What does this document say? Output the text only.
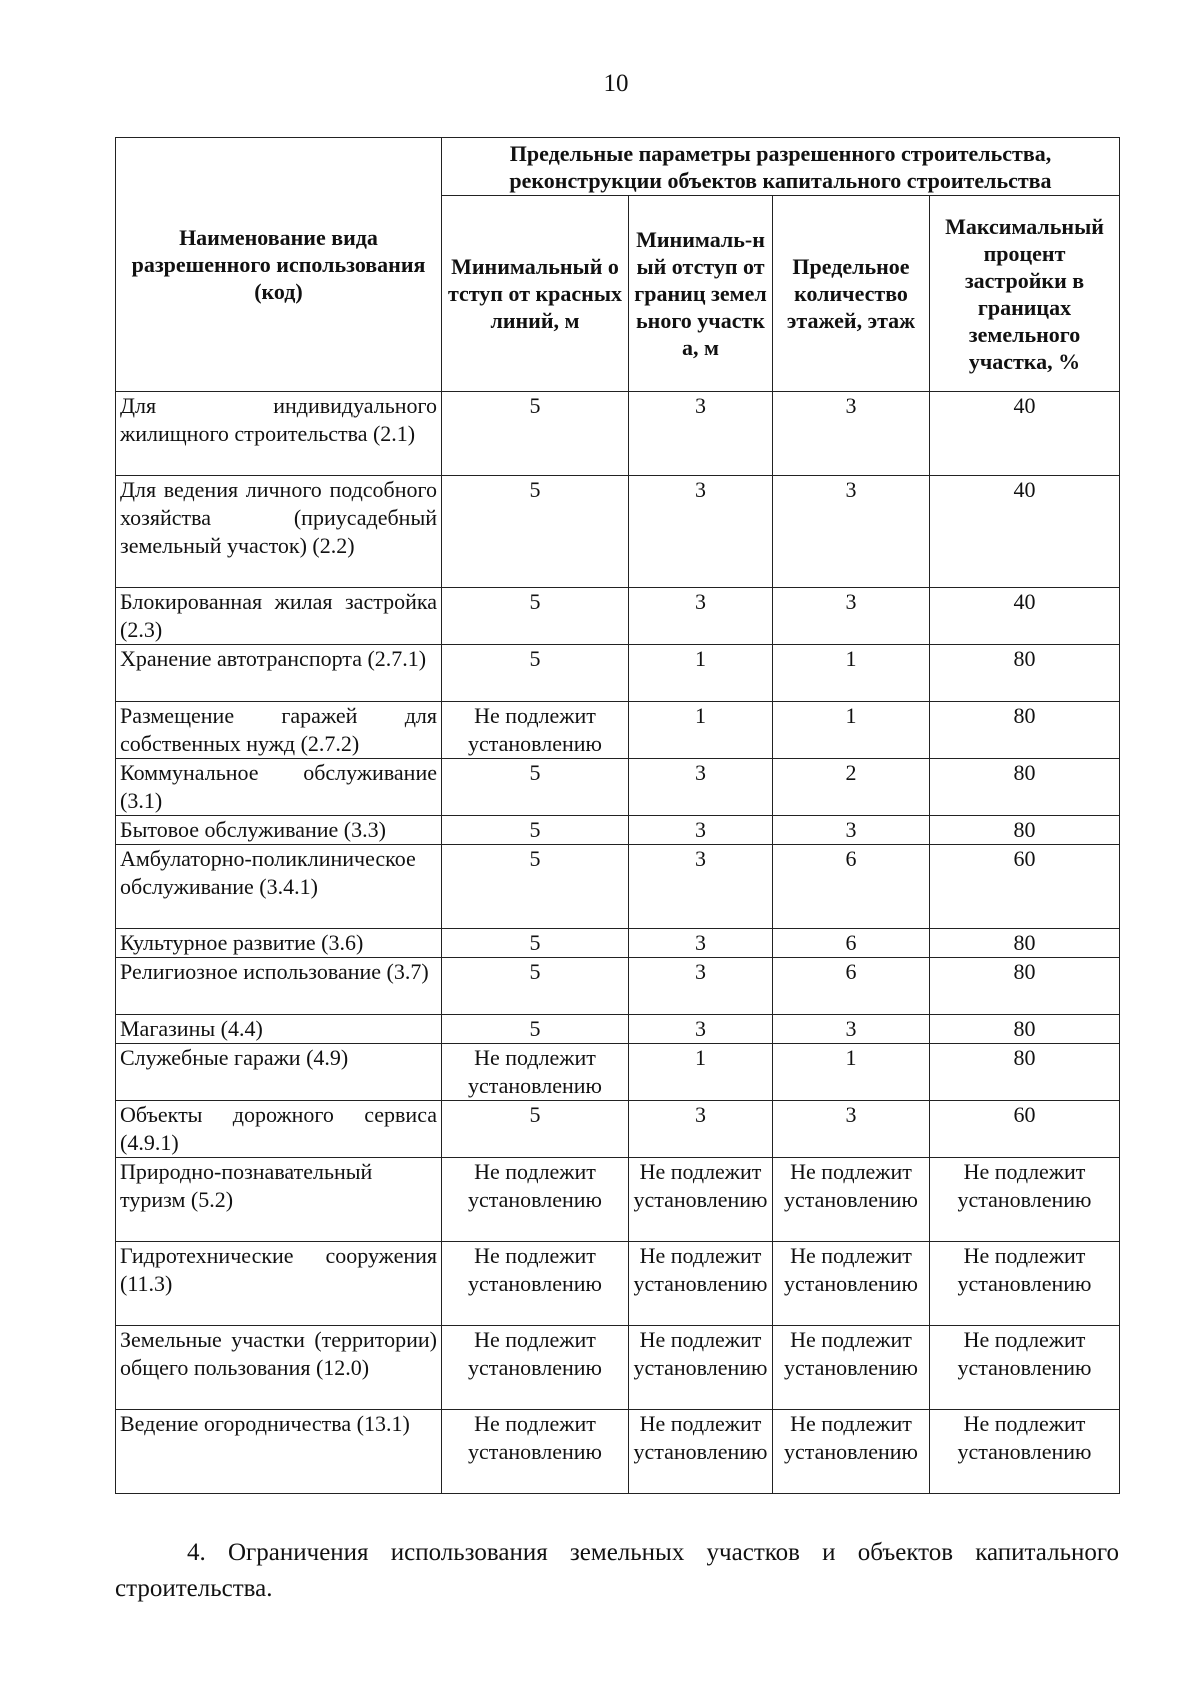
10
Наименование вида разрешенного использования (код)	Предельные параметры разрешенного строительства, реконструкции объектов капитального строительства			
	Минимальный отступ от красных линий, м	Минималь-ный отступ от границ земельного участка, м	Предельное количество этажей, этаж	Максимальный процент застройки в границах земельного участка, %
Для индивидуального жилищного строительства (2.1)	5	3	3	40
Для ведения личного подсобного хозяйства (приусадебный земельный участок) (2.2)	5	3	3	40
Блокированная жилая застройка (2.3)	5	3	3	40
Хранение автотранспорта (2.7.1)	5	1	1	80
Размещение гаражей для собственных нужд (2.7.2)	Не подлежит установлению	1	1	80
Коммунальное обслуживание (3.1)	5	3	2	80
Бытовое обслуживание (3.3)	5	3	3	80
Амбулаторно-поликлиническое обслуживание (3.4.1)	5	3	6	60
Культурное развитие (3.6)	5	3	6	80
Религиозное использование (3.7)	5	3	6	80
Магазины (4.4)	5	3	3	80
Служебные гаражи (4.9)	Не подлежит установлению	1	1	80
Объекты дорожного сервиса (4.9.1)	5	3	3	60
Природно-познавательный туризм (5.2)	Не подлежит установлению	Не подлежит установлению	Не подлежит установлению	Не подлежит установлению
Гидротехнические сооружения (11.3)	Не подлежит установлению	Не подлежит установлению	Не подлежит установлению	Не подлежит установлению
Земельные участки (территории) общего пользования (12.0)	Не подлежит установлению	Не подлежит установлению	Не подлежит установлению	Не подлежит установлению
Ведение огородничества (13.1)	Не подлежит установлению	Не подлежит установлению	Не подлежит установлению	Не подлежит установлению

4. Ограничения использования земельных участков и объектов капитального строительства.
